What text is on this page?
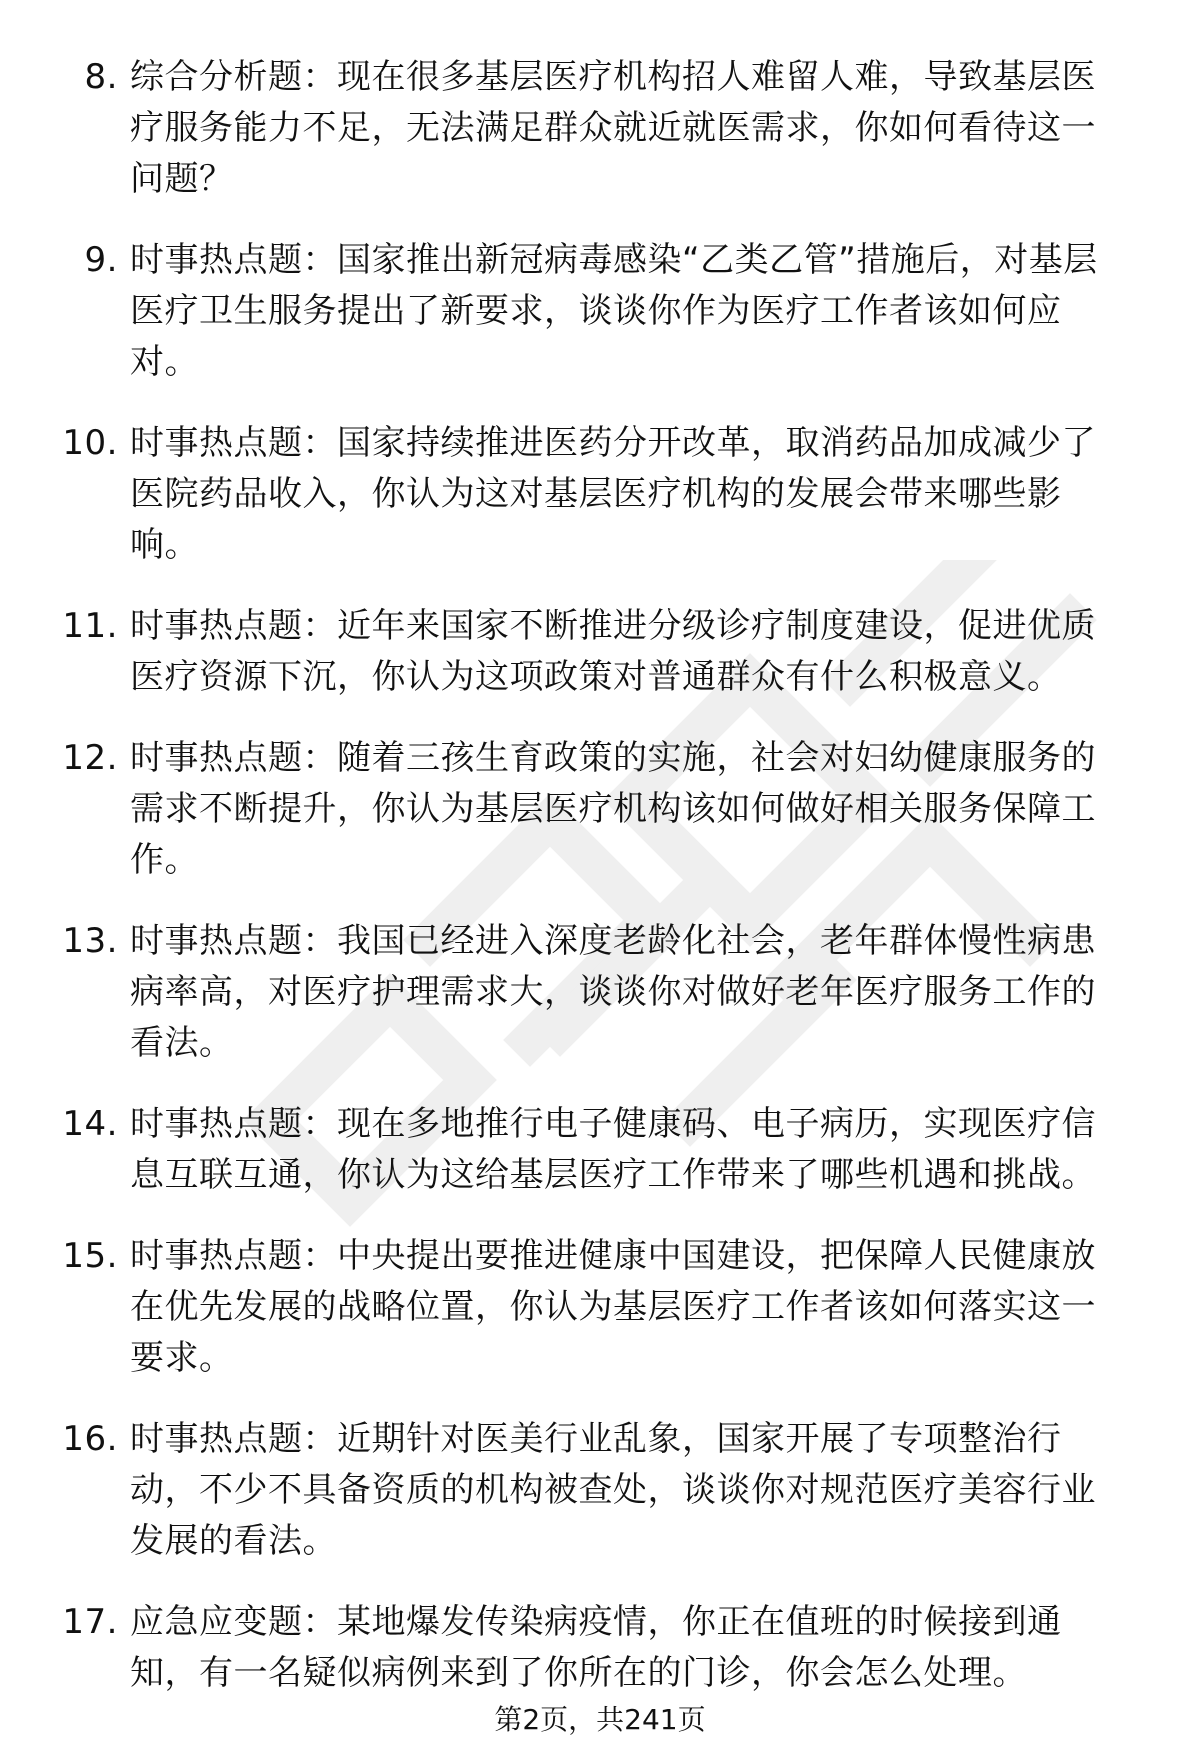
8. 综合分析题：现在很多基层医疗机构招人难留人难，导致基层医疗服务能力不足，无法满足群众就近就医需求，你如何看待这一问题？
9. 时事热点题：国家推出新冠病毒感染“乙类乙管”措施后，对基层医疗卫生服务提出了新要求，谈谈你作为医疗工作者该如何应对。
10. 时事热点题：国家持续推进医药分开改革，取消药品加成减少了医院药品收入，你认为这对基层医疗机构的发展会带来哪些影响。
11. 时事热点题：近年来国家不断推进分级诊疗制度建设，促进优质医疗资源下沉，你认为这项政策对普通群众有什么积极意义。
12. 时事热点题：随着三孩生育政策的实施，社会对妇幼健康服务的需求不断提升，你认为基层医疗机构该如何做好相关服务保障工作。
13. 时事热点题：我国已经进入深度老龄化社会，老年群体慢性病患病率高，对医疗护理需求大，谈谈你对做好老年医疗服务工作的看法。
14. 时事热点题：现在多地推行电子健康码、电子病历，实现医疗信息互联互通，你认为这给基层医疗工作带来了哪些机遇和挑战。
15. 时事热点题：中央提出要推进健康中国建设，把保障人民健康放在优先发展的战略位置，你认为基层医疗工作者该如何落实这一要求。
16. 时事热点题：近期针对医美行业乱象，国家开展了专项整治行动，不少不具备资质的机构被查处，谈谈你对规范医疗美容行业发展的看法。
17. 应急应变题：某地爆发传染病疫情，你正在值班的时候接到通知，有一名疑似病例来到了你所在的门诊，你会怎么处理。
第2页，共241页
